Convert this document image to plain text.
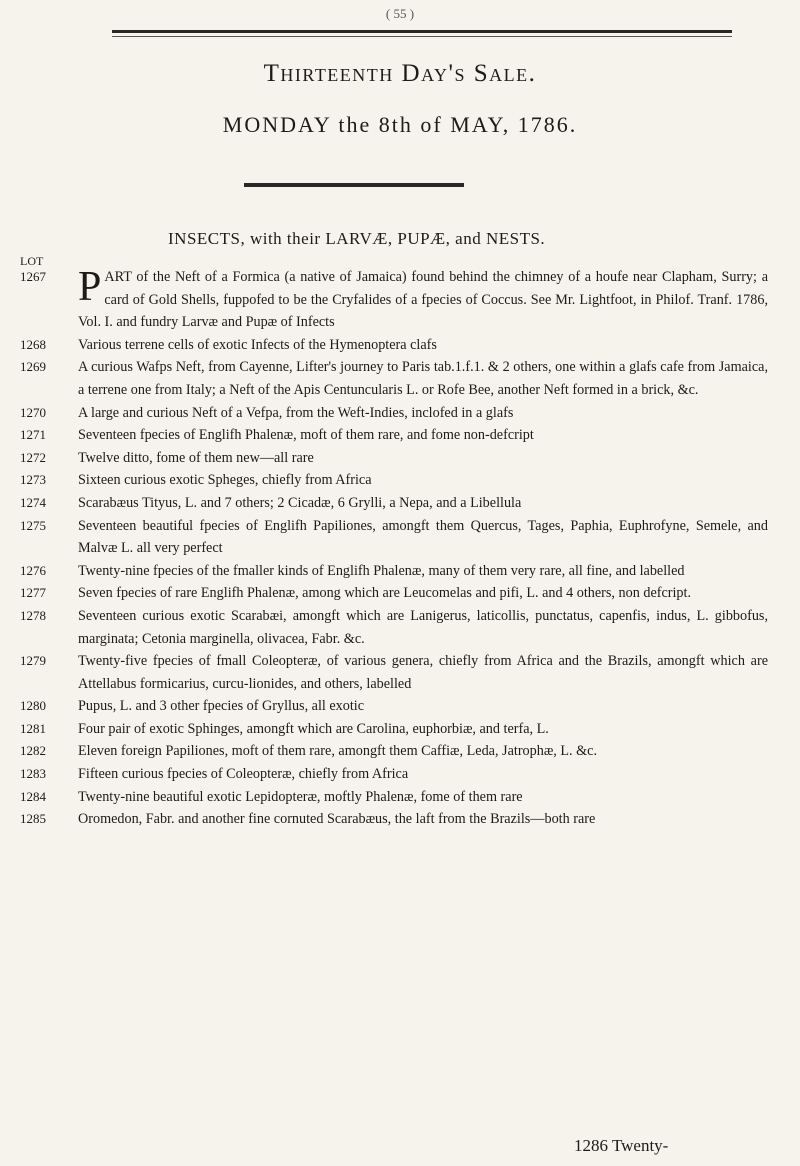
( 55 )
Thirteenth Day's Sale.
MONDAY the 8th of MAY, 1786.
INSECTS, with their LARVÆ, PUPÆ, and NESTS.
LOT
1267 PART of the Neft of a Formica (a native of Jamaica) found behind the chimney of a houfe near Clapham, Surry; a card of Gold Shells, fuppofed to be the Cryfalides of a fpecies of Coccus. See Mr. Lightfoot, in Philof. Tranf. 1786, Vol. I. and fundry Larvæ and Pupæ of Infects
1268	Various terrene cells of exotic Infects of the Hymenoptera clafs
1269	A curious Wafps Neft, from Cayenne, Lifter's journey to Paris tab.1.f.1. & 2 others, one within a glafs cafe from Jamaica, a terrene one from Italy; a Neft of the Apis Centuncularis L. or Rofe Bee, another Neft formed in a brick, &c.
1270	A large and curious Neft of a Vefpa, from the Weft-Indies, inclofed in a glafs
1271	Seventeen fpecies of Englifh Phalenæ, moft of them rare, and fome non-defcript
1272	Twelve ditto, fome of them new—all rare
1273	Sixteen curious exotic Spheges, chiefly from Africa
1274	Scarabæus Tityus, L. and 7 others; 2 Cicadæ, 6 Grylli, a Nepa, and a Libellula
1275	Seventeen beautiful fpecies of Englifh Papiliones, amongft them Quercus, Tages, Paphia, Euphrofyne, Semele, and Malvæ L. all very perfect
1276	Twenty-nine fpecies of the fmaller kinds of Englifh Phalenæ, many of them very rare, all fine, and labelled
1277	Seven fpecies of rare Englifh Phalenæ, among which are Leucomelas and pifi, L. and 4 others, non defcript.
1278	Seventeen curious exotic Scarabæi, amongft which are Lanigerus, laticollis, punctatus, capenfis, indus, L. gibbofus, marginata; Cetonia marginella, olivacea, Fabr. &c.
1279	Twenty-five fpecies of fmall Coleopteræ, of various genera, chiefly from Africa and the Brazils, amongft which are Attellabus formicarius, curcu-lionides, and others, labelled
1280	Pupus, L. and 3 other fpecies of Gryllus, all exotic
1281	Four pair of exotic Sphinges, amongft which are Carolina, euphorbiæ, and terfa, L.
1282	Eleven foreign Papiliones, moft of them rare, amongft them Caffiæ, Leda, Jatrophæ, L. &c.
1283	Fifteen curious fpecies of Coleopteræ, chiefly from Africa
1284	Twenty-nine beautiful exotic Lepidopteræ, moftly Phalenæ, fome of them rare
1285	Oromedon, Fabr. and another fine cornuted Scarabæus, the laft from the Brazils—both rare
1286 Twenty-
